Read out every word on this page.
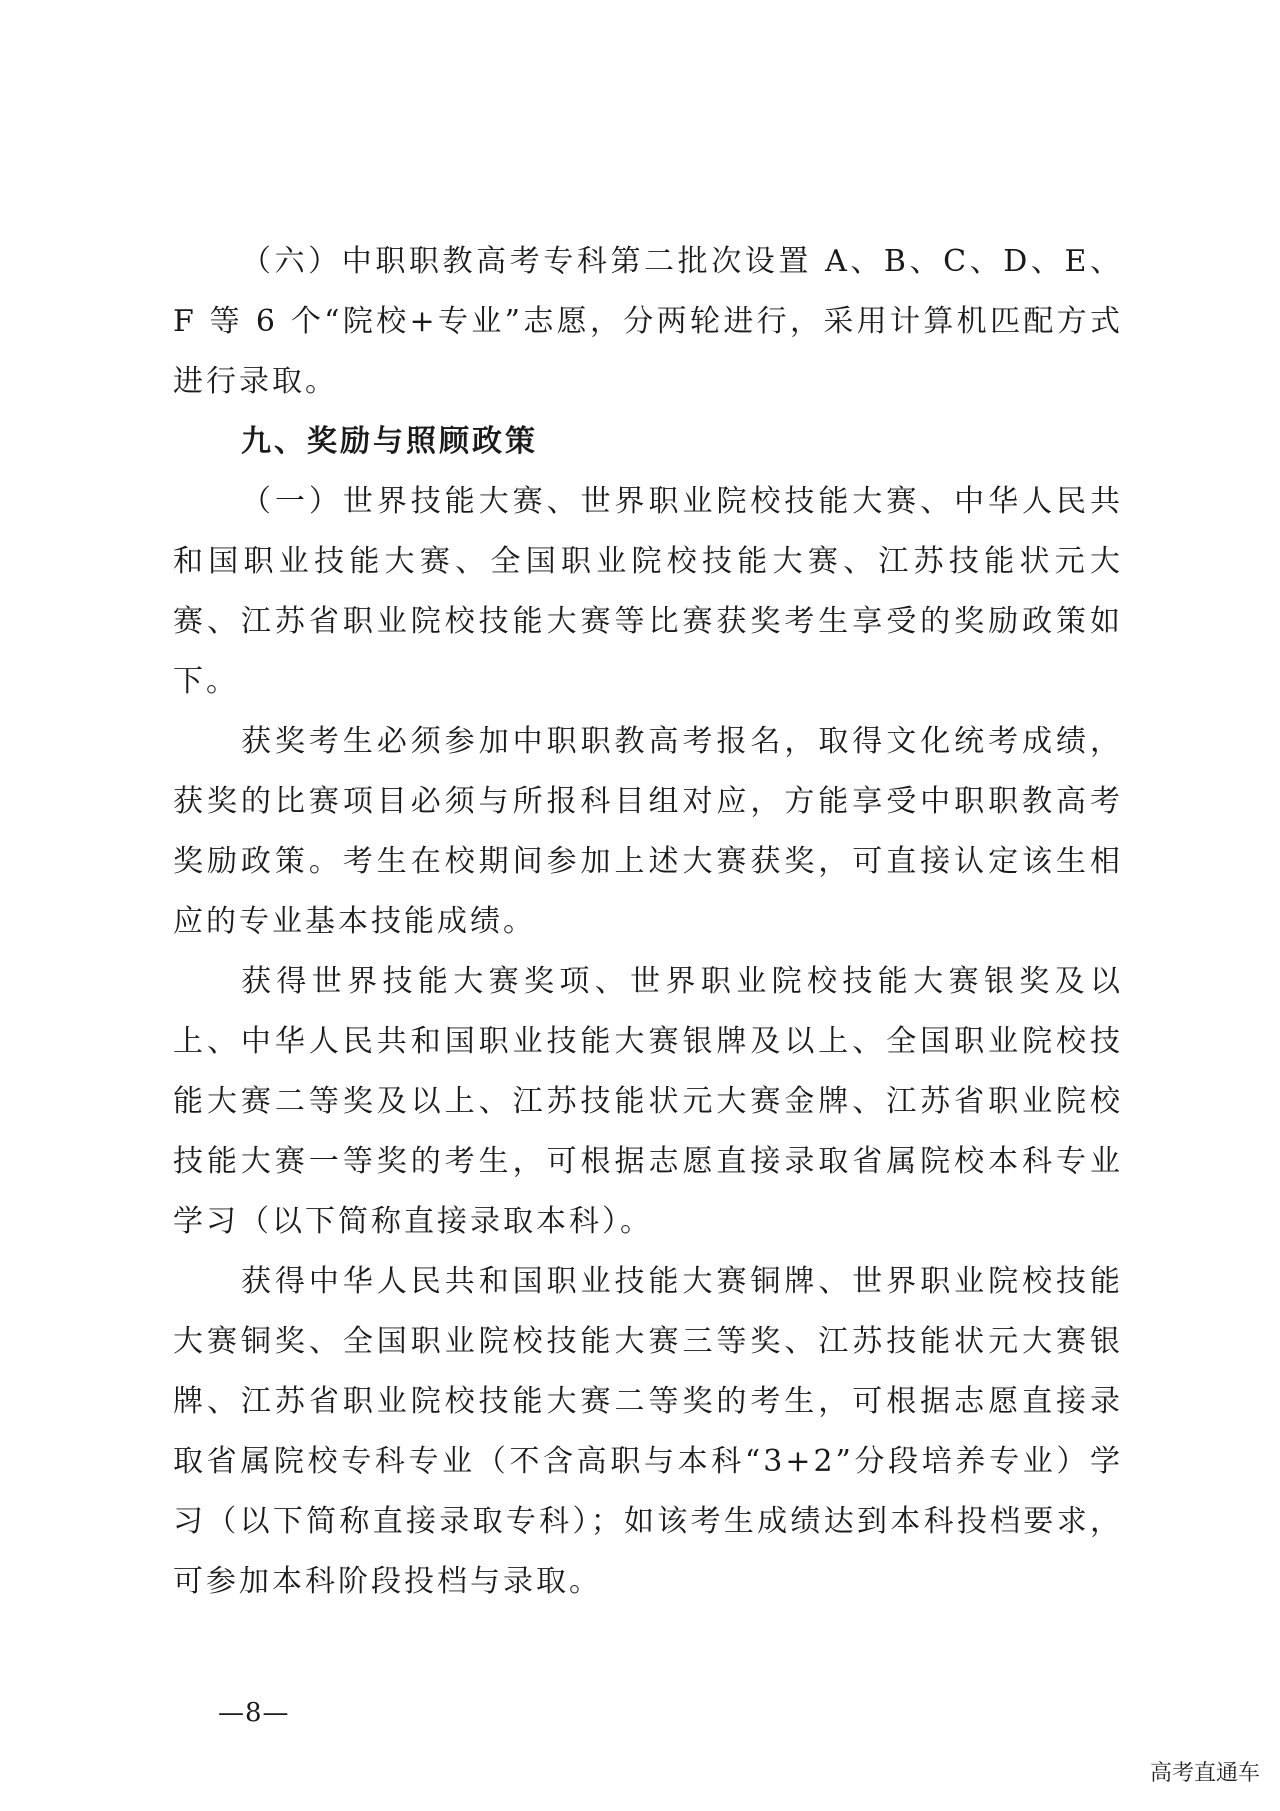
（六）中职职教高考专科第二批次设置 A、B、C、D、E、F 等 6 个“院校+专业”志愿，分两轮进行，采用计算机匹配方式进行录取。

九、奖励与照顾政策

（一）世界技能大赛、世界职业院校技能大赛、中华人民共和国职业技能大赛、全国职业院校技能大赛、江苏技能状元大赛、江苏省职业院校技能大赛等比赛获奖考生享受的奖励政策如下。

获奖考生必须参加中职职教高考报名，取得文化统考成绩，获奖的比赛项目必须与所报科目组对应，方能享受中职职教高考奖励政策。考生在校期间参加上述大赛获奖，可直接认定该生相应的专业基本技能成绩。

获得世界技能大赛奖项、世界职业院校技能大赛银奖及以上、中华人民共和国职业技能大赛银牌及以上、全国职业院校技能大赛二等奖及以上、江苏技能状元大赛金牌、江苏省职业院校技能大赛一等奖的考生，可根据志愿直接录取省属院校本科专业学习（以下简称直接录取本科）。

获得中华人民共和国职业技能大赛铜牌、世界职业院校技能大赛铜奖、全国职业院校技能大赛三等奖、江苏技能状元大赛银牌、江苏省职业院校技能大赛二等奖的考生，可根据志愿直接录取省属院校专科专业（不含高职与本科“3+2”分段培养专业）学习（以下简称直接录取专科）；如该考生成绩达到本科投档要求，可参加本科阶段投档与录取。

—8—
高考直通车
